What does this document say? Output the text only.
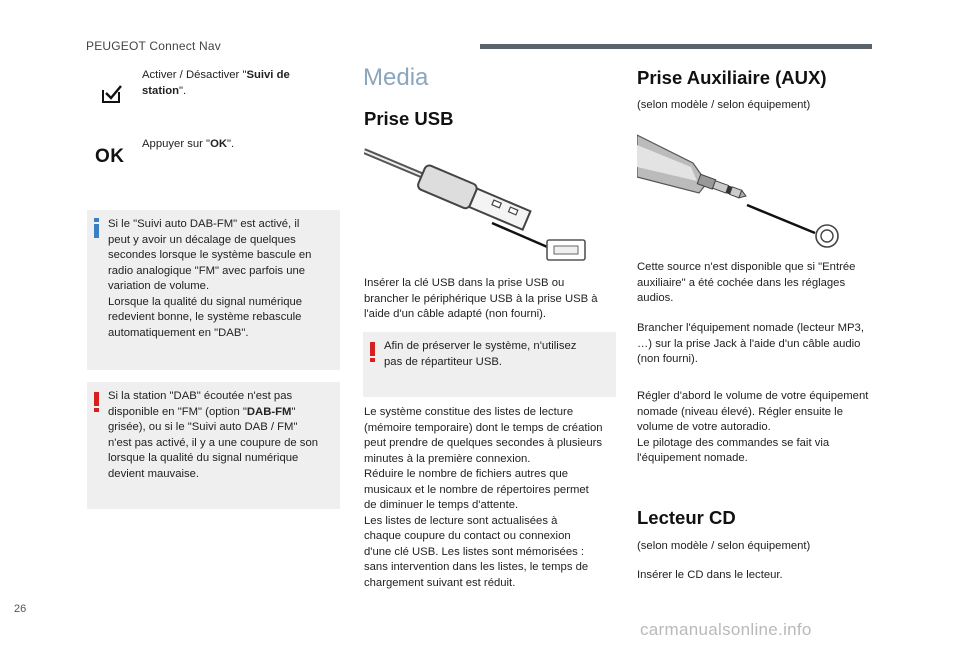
PEUGEOT Connect Nav
Activer / Désactiver "Suivi de station".
OK
Appuyer sur "OK".
Si le "Suivi auto DAB-FM" est activé, il
peut y avoir un décalage de quelques
secondes lorsque le système bascule en
radio analogique "FM" avec parfois une
variation de volume.
Lorsque la qualité du signal numérique
redevient bonne, le système rebascule
automatiquement en "DAB".
Si la station "DAB" écoutée n'est pas
disponible en "FM" (option "DAB-FM"
grisée), ou si le "Suivi auto DAB / FM"
n'est pas activé, il y a une coupure de son
lorsque la qualité du signal numérique
devient mauvaise.
Media
Prise USB
Insérer la clé USB dans la prise USB ou
brancher le périphérique USB à la prise USB à
l'aide d'un câble adapté (non fourni).
Afin de préserver le système, n'utilisez
pas de répartiteur USB.
Le système constitue des listes de lecture
(mémoire temporaire) dont le temps de création
peut prendre de quelques secondes à plusieurs
minutes à la première connexion.
Réduire le nombre de fichiers autres que
musicaux et le nombre de répertoires permet
de diminuer le temps d'attente.
Les listes de lecture sont actualisées à
chaque coupure du contact ou connexion
d'une clé USB. Les listes sont mémorisées :
sans intervention dans les listes, le temps de
chargement suivant est réduit.
Prise Auxiliaire (AUX)
(selon modèle / selon équipement)
Cette source n'est disponible que si "Entrée
auxiliaire" a été cochée dans les réglages
audios.
Brancher l'équipement nomade (lecteur MP3,
…) sur la prise Jack à l'aide d'un câble audio
(non fourni).
Régler d'abord le volume de votre équipement
nomade (niveau élevé). Régler ensuite le
volume de votre autoradio.
Le pilotage des commandes se fait via
l'équipement nomade.
Lecteur CD
(selon modèle / selon équipement)
Insérer le CD dans le lecteur.
26
carmanualsonline.info
